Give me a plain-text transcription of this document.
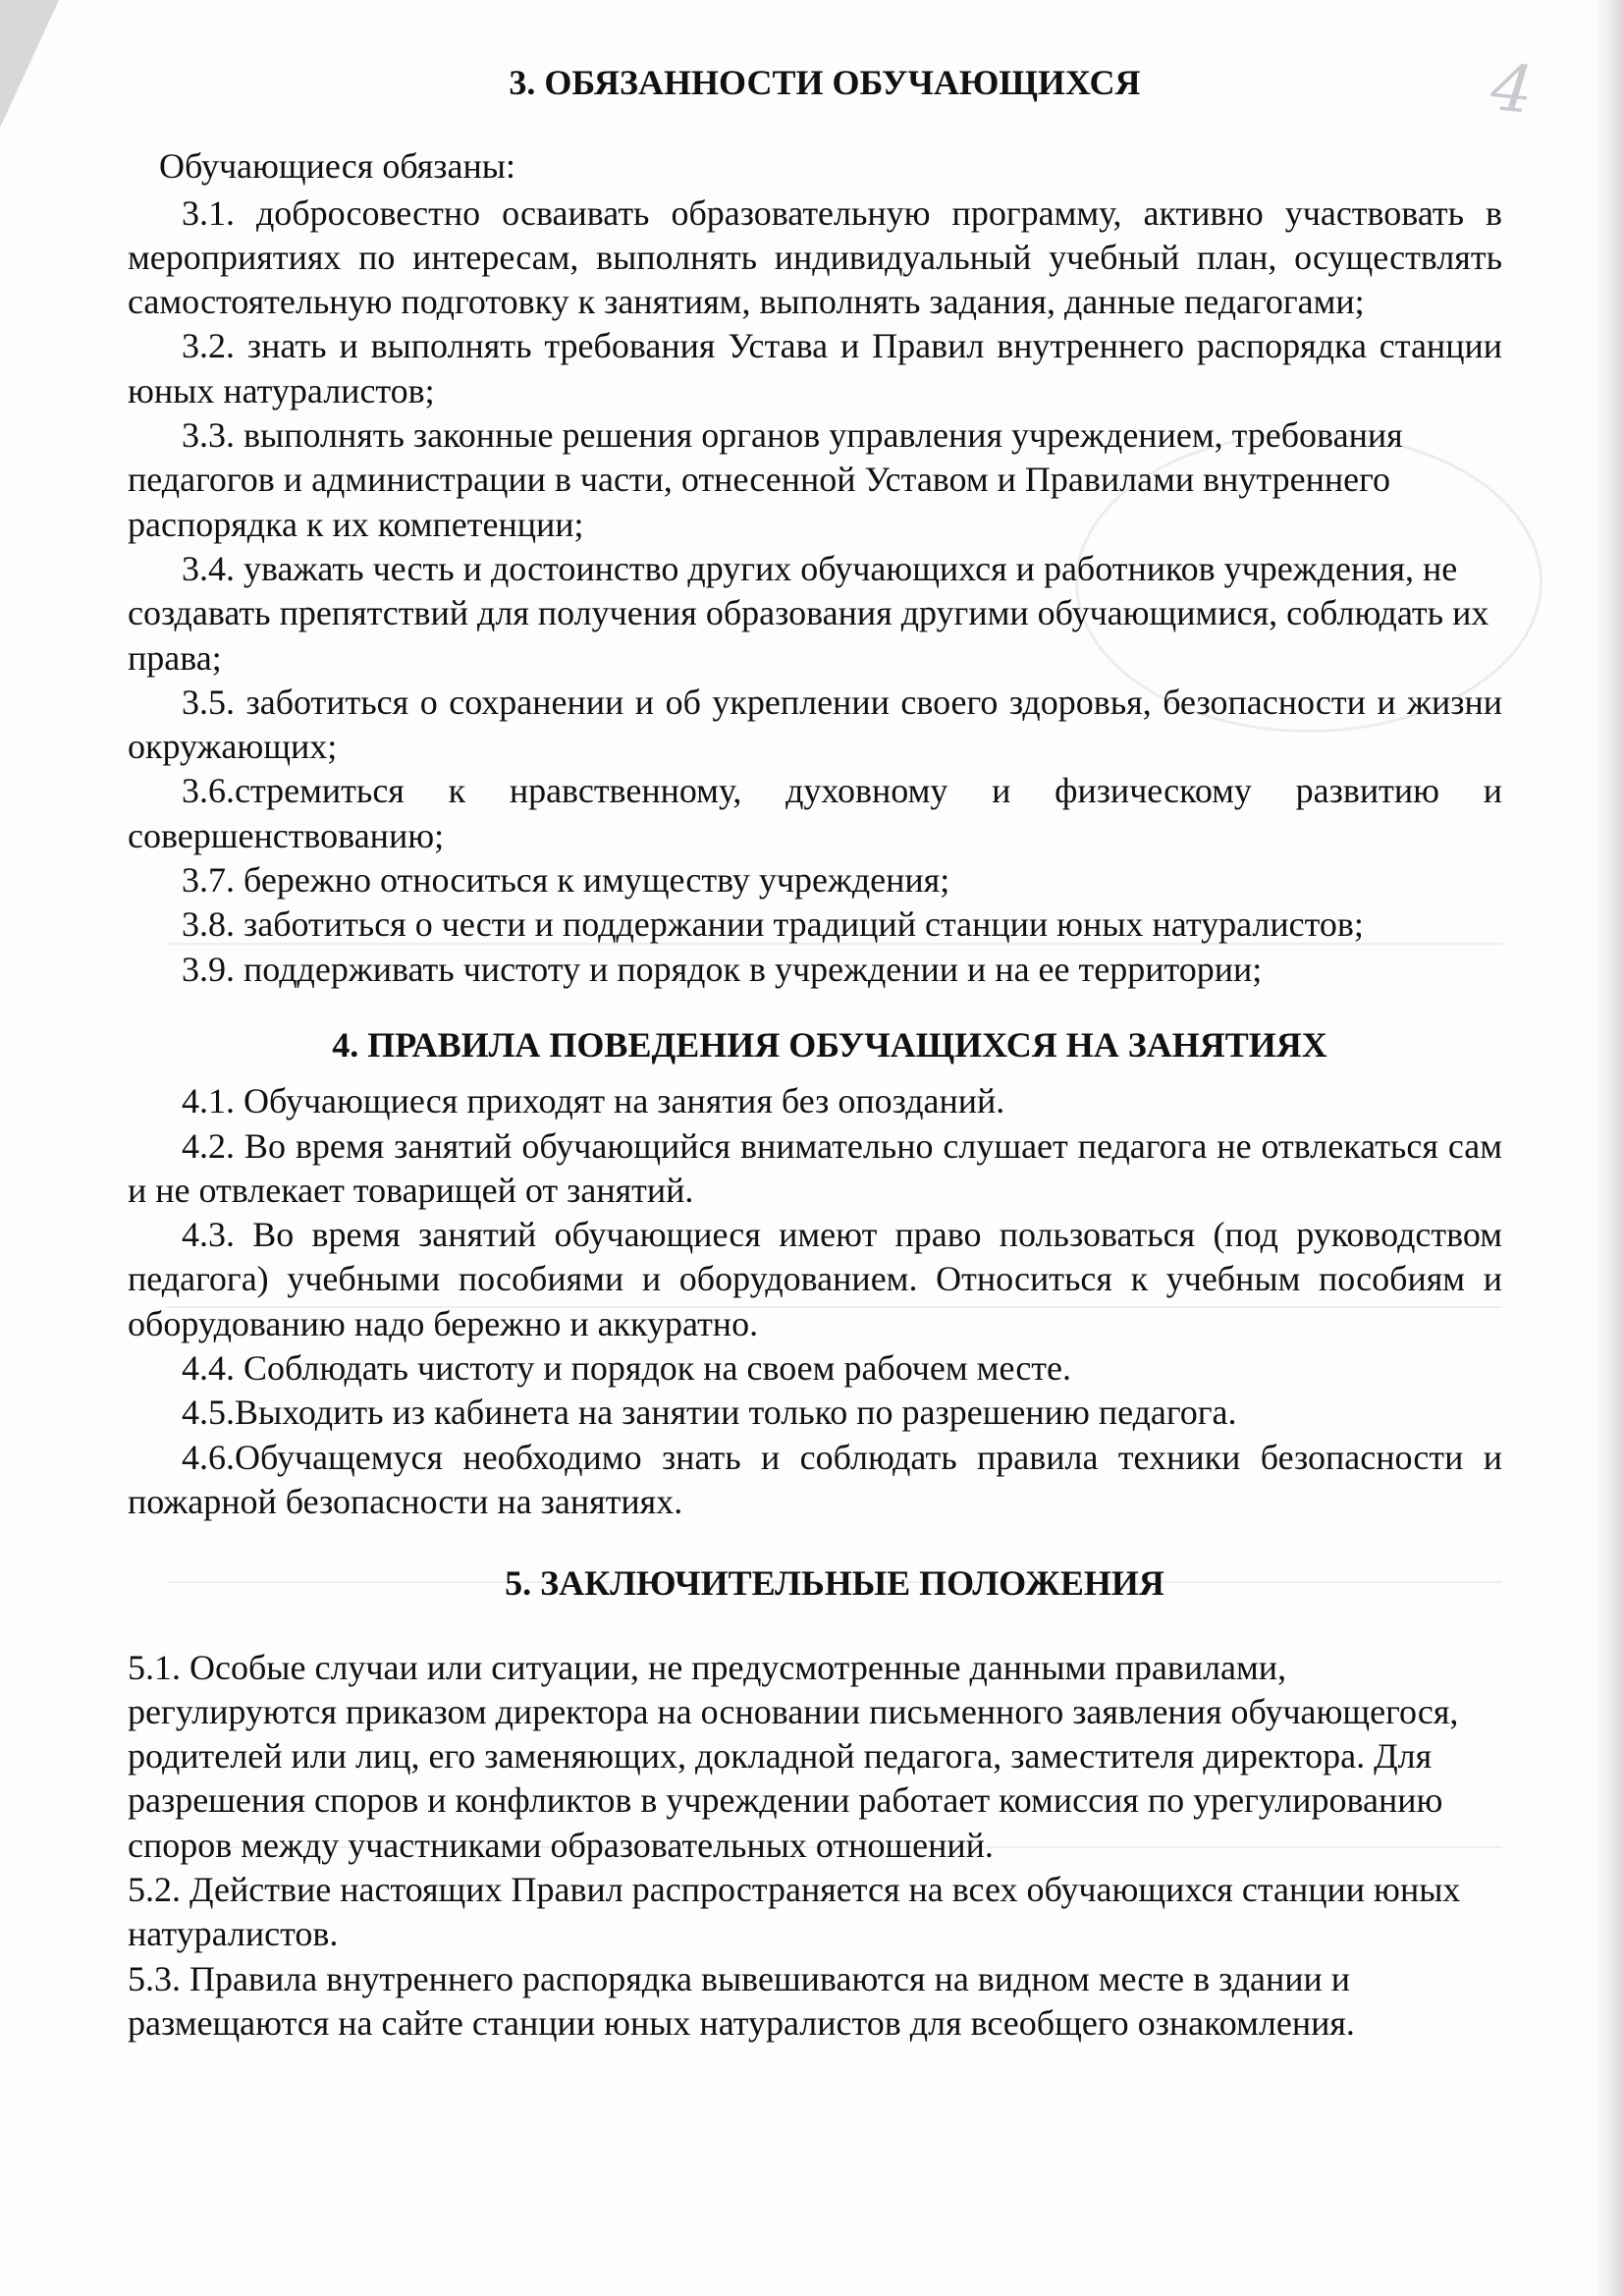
4
3. ОБЯЗАННОСТИ ОБУЧАЮЩИХСЯ

Обучающиеся обязаны:

3.1. добросовестно осваивать образовательную программу, активно участвовать в мероприятиях по интересам, выполнять индивидуальный учебный план, осуществлять самостоятельную подготовку к занятиям, выполнять задания, данные педагогами;

3.2. знать и выполнять требования Устава и Правил внутреннего распорядка станции юных натуралистов;

3.3. выполнять законные решения органов управления учреждением, требования педагогов и администрации в части, отнесенной Уставом и Правилами внутреннего распорядка к их компетенции;

3.4. уважать честь и достоинство других обучающихся и работников учреждения, не создавать препятствий для получения образования другими обучающимися, соблюдать их права;

3.5. заботиться о сохранении и об укреплении своего здоровья, безопасности и жизни окружающих;

3.6.стремиться к нравственному, духовному и физическому развитию и совершенствованию;

3.7. бережно относиться к имуществу учреждения;

3.8. заботиться о чести и поддержании традиций станции юных натуралистов;

3.9. поддерживать чистоту и порядок в учреждении и на ее территории;

4. ПРАВИЛА ПОВЕДЕНИЯ ОБУЧАЩИХСЯ НА ЗАНЯТИЯХ

4.1. Обучающиеся приходят на занятия без опозданий.

4.2. Во время занятий обучающийся внимательно слушает педагога не отвлекаться сам и не отвлекает товарищей от занятий.

4.3. Во время занятий обучающиеся имеют право пользоваться (под руководством педагога) учебными пособиями и оборудованием. Относиться к учебным пособиям и оборудованию надо бережно и аккуратно.

4.4. Соблюдать чистоту и порядок на своем рабочем месте.

4.5.Выходить из кабинета на занятии только по разрешению педагога.

4.6.Обучащемуся необходимо знать и соблюдать правила техники безопасности и пожарной безопасности на занятиях.

5. ЗАКЛЮЧИТЕЛЬНЫЕ ПОЛОЖЕНИЯ

5.1. Особые случаи или ситуации, не предусмотренные данными правилами, регулируются приказом директора на основании письменного заявления обучающегося, родителей или лиц, его заменяющих, докладной педагога, заместителя директора. Для разрешения споров и конфликтов в учреждении работает комиссия по урегулированию споров между участниками образовательных отношений.

5.2. Действие настоящих Правил распространяется на всех обучающихся станции юных натуралистов.

5.3. Правила внутреннего распорядка вывешиваются на видном месте в здании и размещаются на сайте станции юных натуралистов для всеобщего ознакомления.
